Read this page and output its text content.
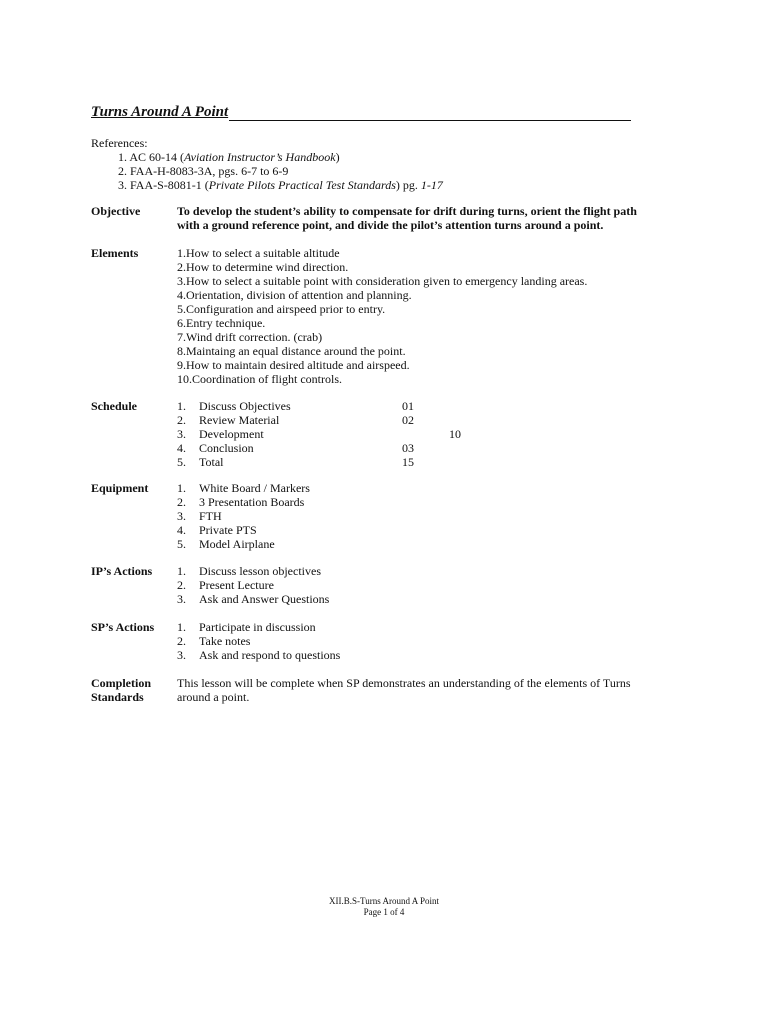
Turns Around A Point
References:
1. AC 60-14 (Aviation Instructor’s Handbook)
2. FAA-H-8083-3A, pgs. 6-7 to 6-9
3. FAA-S-8081-1 (Private Pilots Practical Test Standards) pg. 1-17
Objective	To develop the student’s ability to compensate for drift during turns, orient the flight path
with a ground reference point, and divide the pilot’s attention turns around a point.
Elements	1.How to select a suitable altitude
2.How to determine wind direction.
3.How to select a suitable point with consideration given to emergency landing areas.
4.Orientation, division of attention and planning.
5.Configuration and airspeed prior to entry.
6.Entry technique.
7.Wind drift correction. (crab)
8.Maintaing an equal distance around the point.
9.How to maintain desired altitude and airspeed.
10.Coordination of flight controls.
Schedule	1.	Discuss Objectives	01
2.	Review Material	02
3.	Development	10
4.	Conclusion	03
5.	Total	15
Equipment	1.	White Board / Markers
2.	3 Presentation Boards
3.	FTH
4.	Private PTS
5.	Model Airplane
IP’s Actions	1.	Discuss lesson objectives
2.	Present Lecture
3.	Ask and Answer Questions
SP’s Actions	1.	Participate in discussion
2.	Take notes
3.	Ask and respond to questions
Completion
Standards
This lesson will be complete when SP demonstrates an understanding of the elements of Turns
around a point.
XII.B.S-Turns Around A Point
Page 1 of 4
